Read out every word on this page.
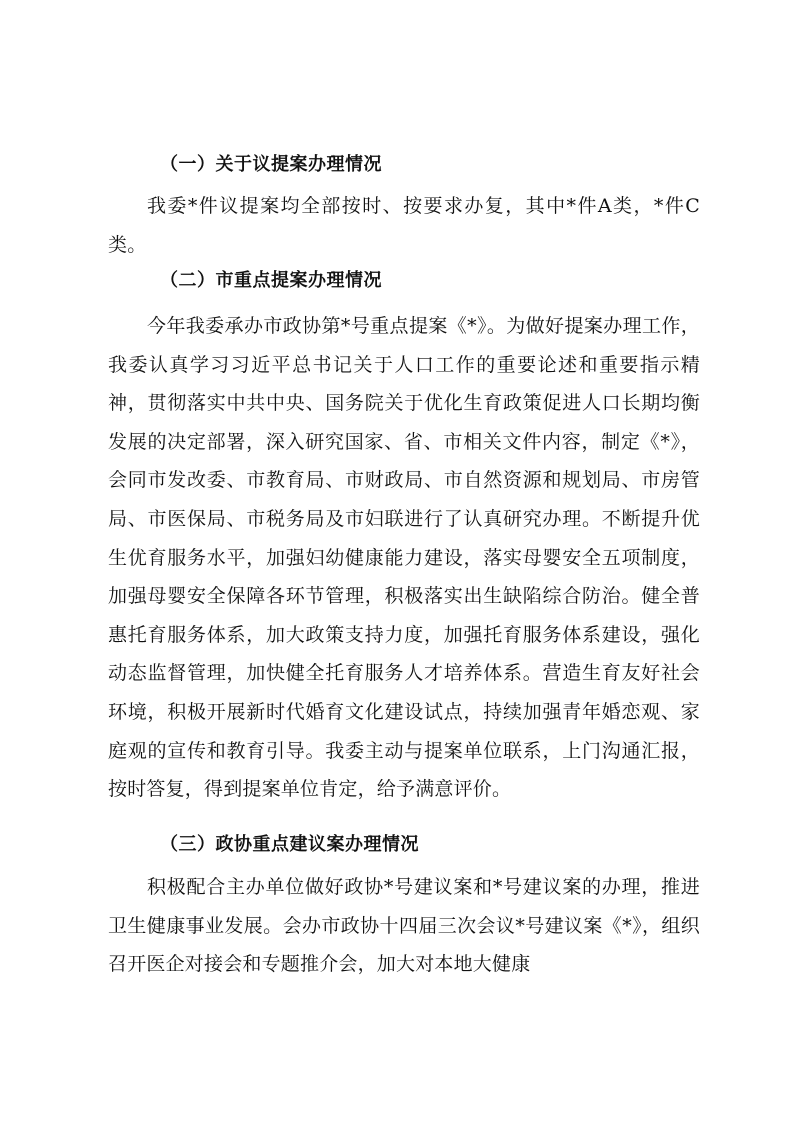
（一）关于议提案办理情况
我委*件议提案均全部按时、按要求办复，其中*件A类，*件C类。
（二）市重点提案办理情况
今年我委承办市政协第*号重点提案《*》。为做好提案办理工作，我委认真学习习近平总书记关于人口工作的重要论述和重要指示精神，贯彻落实中共中央、国务院关于优化生育政策促进人口长期均衡发展的决定部署，深入研究国家、省、市相关文件内容，制定《*》，会同市发改委、市教育局、市财政局、市自然资源和规划局、市房管局、市医保局、市税务局及市妇联进行了认真研究办理。不断提升优生优育服务水平，加强妇幼健康能力建设，落实母婴安全五项制度，加强母婴安全保障各环节管理，积极落实出生缺陷综合防治。健全普惠托育服务体系，加大政策支持力度，加强托育服务体系建设，强化动态监督管理，加快健全托育服务人才培养体系。营造生育友好社会环境，积极开展新时代婚育文化建设试点，持续加强青年婚恋观、家庭观的宣传和教育引导。我委主动与提案单位联系，上门沟通汇报，按时答复，得到提案单位肯定，给予满意评价。
（三）政协重点建议案办理情况
积极配合主办单位做好政协*号建议案和*号建议案的办理，推进卫生健康事业发展。会办市政协十四届三次会议*号建议案《*》，组织召开医企对接会和专题推介会，加大对本地大健康
